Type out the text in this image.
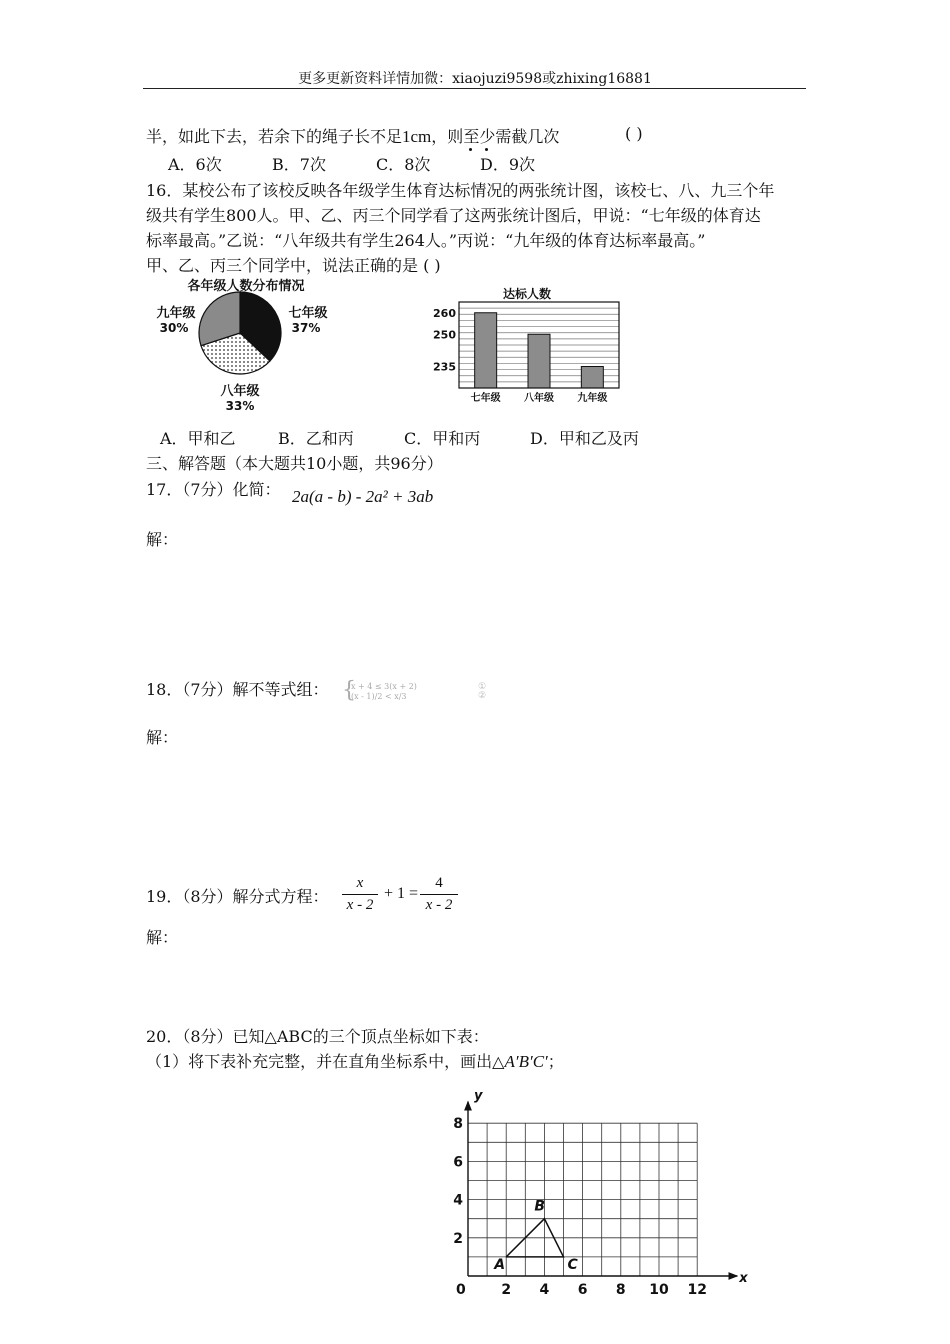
更多更新资料详情加微：xiaojuzi9598或zhixing16881
半，如此下去，若余下的绳子长不足1cm，则至少需截几次	( )
A．6次	B．7次	C．8次	D．9次
16．某校公布了该校反映各年级学生体育达标情况的两张统计图，该校七、八、九三个年
级共有学生800人。甲、乙、丙三个同学看了这两张统计图后，甲说：“七年级的体育达
标率最高。”乙说：“八年级共有学生264人。”丙说：“九年级的体育达标率最高。”
甲、乙、丙三个同学中，说法正确的是 ( )
各年级人数分布情况
七年级
37%
九年级
30%
八年级
33%
达标人数
260
250
235
七年级 八年级 九年级
A．甲和乙	B．乙和丙	C．甲和丙	D．甲和乙及丙
三、解答题（本大题共10小题，共96分）
17．（7分）化简： 2a(a - b) - 2a² + 3ab
解：
18．（7分）解不等式组： {
x + 4 ≤ 3(x + 2)
(x - 1)/2 < x/3
①
②
解：
19．（8分）解分式方程：
x
x - 2
+ 1 =
4
x - 2
解：
20．（8分）已知△ABC的三个顶点坐标如下表：
（1）将下表补充完整，并在直角坐标系中，画出△A′B′C′；
x
y
0	2 4 6 8 10 12
2
4
6
8
A
B
C
